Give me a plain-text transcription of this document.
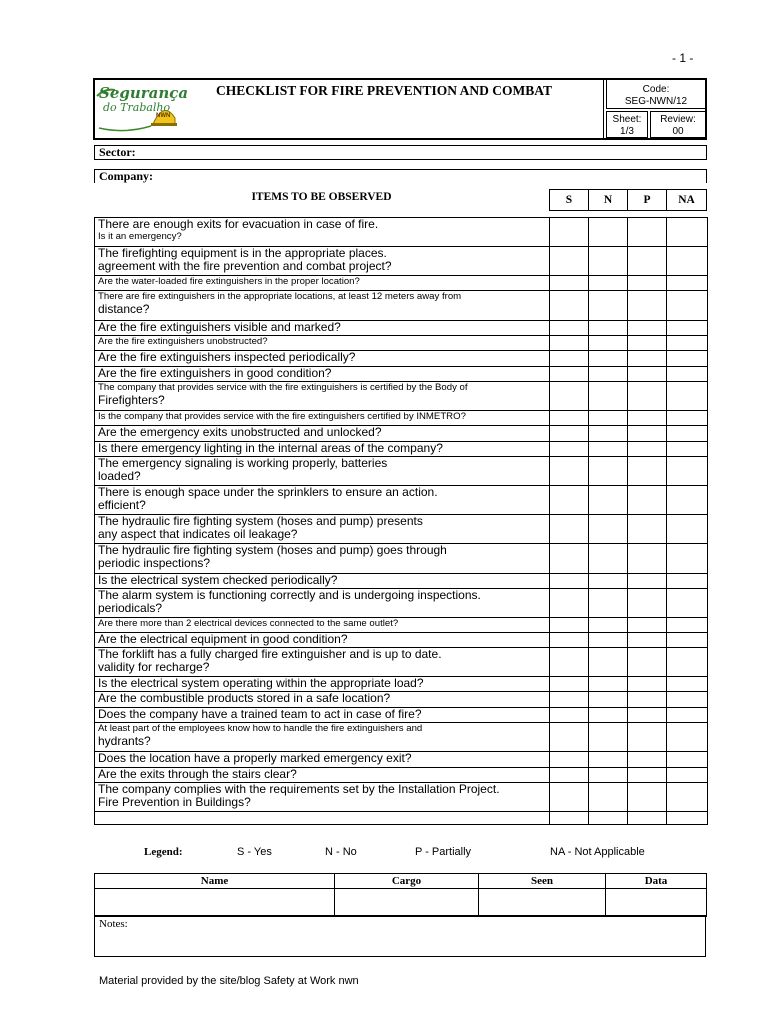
- 1 -
Segurança
do Trabalho
NWN
CHECKLIST FOR FIRE PREVENTION AND COMBAT	Code:
SEG-NWN/12
Sheet:
1/3
Review:
00
Sector:
Company:
ITEMS TO BE OBSERVED	S	N	P	NA
There are enough exits for evacuation in case of fire.
Is it an emergency?				

The firefighting equipment is in the appropriate places.
agreement with the fire prevention and combat project?				

Are the water-loaded fire extinguishers in the proper location?				

There are fire extinguishers in the appropriate locations, at least 12 meters away from
distance?				

Are the fire extinguishers visible and marked?				

Are the fire extinguishers unobstructed?				

Are the fire extinguishers inspected periodically?				

Are the fire extinguishers in good condition?				

The company that provides service with the fire extinguishers is certified by the Body of
Firefighters?				

Is the company that provides service with the fire extinguishers certified by INMETRO?				

Are the emergency exits unobstructed and unlocked?				

Is there emergency lighting in the internal areas of the company?				

The emergency signaling is working properly, batteries
loaded?				

There is enough space under the sprinklers to ensure an action.
efficient?				

The hydraulic fire fighting system (hoses and pump) presents
any aspect that indicates oil leakage?				

The hydraulic fire fighting system (hoses and pump) goes through
periodic inspections?				

Is the electrical system checked periodically?				

The alarm system is functioning correctly and is undergoing inspections.
periodicals?				

Are there more than 2 electrical devices connected to the same outlet?				

Are the electrical equipment in good condition?				

The forklift has a fully charged fire extinguisher and is up to date.
validity for recharge?				

Is the electrical system operating within the appropriate load?				

Are the combustible products stored in a safe location?				

Does the company have a trained team to act in case of fire?				

At least part of the employees know how to handle the fire extinguishers and
hydrants?				

Does the location have a properly marked emergency exit?				

Are the exits through the stairs clear?				

The company complies with the requirements set by the Installation Project.
Fire Prevention in Buildings?				

Legend:	S - Yes	N - No	P - Partially	NA - Not Applicable
Name	Cargo	Seen	Data

Notes:
Material provided by the site/blog Safety at Work nwn
